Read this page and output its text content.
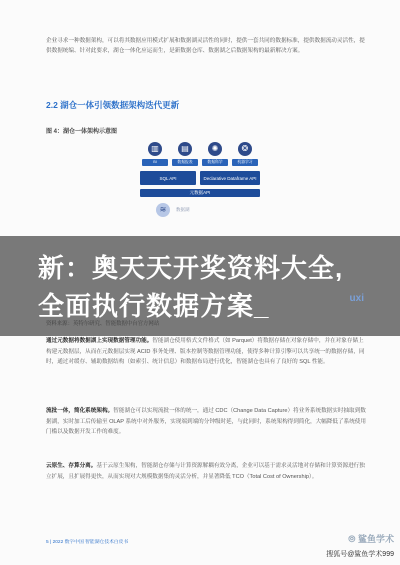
企业寻求一种数据架构，可以将其数据应用模式扩展和数据湖灵活性的同时，提供一套共同的数据标准，提供数据流动灵活性，提供数据统编、针对此要求，湖仓一体化应运而生，是新数据仓库、数据湖之后数据架构的最新解决方案。

2.2 湖仓一体引领数据架构迭代更新
图 4：湖仓一体架构示意图
▥
BI
▤
数据报表
✺
数据科学
❂
机器学习
SQL API	Declarative Dataframe API
元数据API
≋	数据湖

通过元数据将数据湖上实现数据管理功能。智能湖仓使用格式文件格式（如 Parquet）将数据存储在对象存储中，并在对象存储上构建元数据层，从而在元数据层实现 ACID 事务处理、版本控制等数据管理功能，使得多种计算引擎可以共享统一的数据存储，同时，通过对缓存、辅助数据结构（如索引、统计信息）和数据布局进行优化，智能湖仓也具有了良好的 SQL 性能。

流批一体，简化系统架构。智能湖仓可以实现流批一体的统一，通过 CDC（Change Data Capture）将业务系统数据实时抽取到数据湖，实时加工后传输至 OLAP 系统中对外服务，实现端到端的分钟级时延，与此同时，系统架构得到简化，大幅降低了系统使用门槛以及数据开发工作的难度。

云原生、存算分离。基于云原生架构，智能湖仓存储与计算资源解耦有效分离，企业可以基于需求灵活地对存储和计算资源进行独立扩展，且扩展得更快，从而实现对大规模数据集的灵活分析，并显著降低 TCO（Total Cost of Ownership）。

5 | 2022 数字中国 智能湖仓技术白皮书
新：奥天天开奖资料大全,全面执行数据方案_	uxi
⦾ 鲨鱼学术
搜狐号@鲨鱼学术999
